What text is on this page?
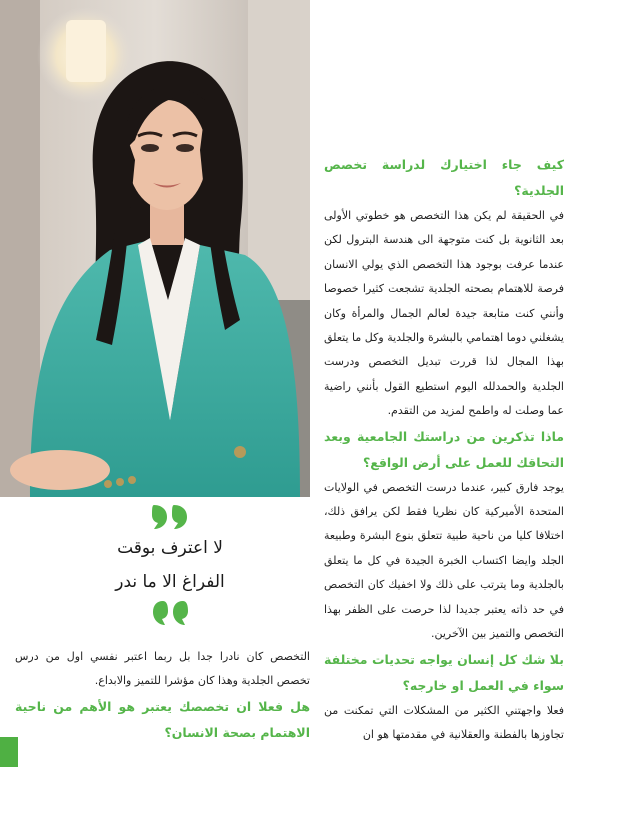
كيف جاء اختيارك لدراسة تخصص الجلدية؟

في الحقيقة لم يكن هذا التخصص هو خطوتي الأولى بعد الثانوية بل كنت متوجهة الى هندسة البترول لكن عندما عرفت بوجود هذا التخصص الذي يولي الانسان فرصة للاهتمام بصحته الجلدية تشجعت كثيرا خصوصا وأنني كنت متابعة جيدة لعالم الجمال والمرأة وكان يشغلني دوما اهتمامي بالبشرة والجلدية وكل ما يتعلق بهذا المجال لذا قررت تبديل التخصص ودرست الجلدية والحمدلله اليوم استطيع القول بأنني راضية عما وصلت له واطمح لمزيد من التقدم.

ماذا تذكرين من دراستك الجامعية وبعد التحاقك للعمل على أرض الواقع؟

يوجد فارق كبير، عندما درست التخصص في الولايات المتحدة الأميركية كان نظريا فقط لكن يرافق ذلك، اختلافا كليا من ناحية طبية تتعلق بنوع البشرة وطبيعة الجلد وايضا اكتساب الخبرة الجيدة في كل ما يتعلق بالجلدية وما يترتب على ذلك ولا اخفيك كان التخصص في حد ذاته يعتبر جديدا لذا حرصت على الظفر بهذا التخصص والتميز بين الآخرين.

بلا شك كل إنسان يواجه تحديات مختلفة سواء في العمل او خارجه؟

فعلا واجهتني الكثير من المشكلات التي تمكنت من تجاوزها بالفطنة والعقلانية في مقدمتها هو ان

لا اعترف بوقت

الفراغ الا ما ندر

التخصص كان نادرا جدا بل ربما اعتبر نفسي اول من درس تخصص الجلدية وهذا كان مؤشرا للتميز والابداع.

هل فعلا ان تخصصك يعتبر هو الأهم من ناحية الاهتمام بصحة الانسان؟
